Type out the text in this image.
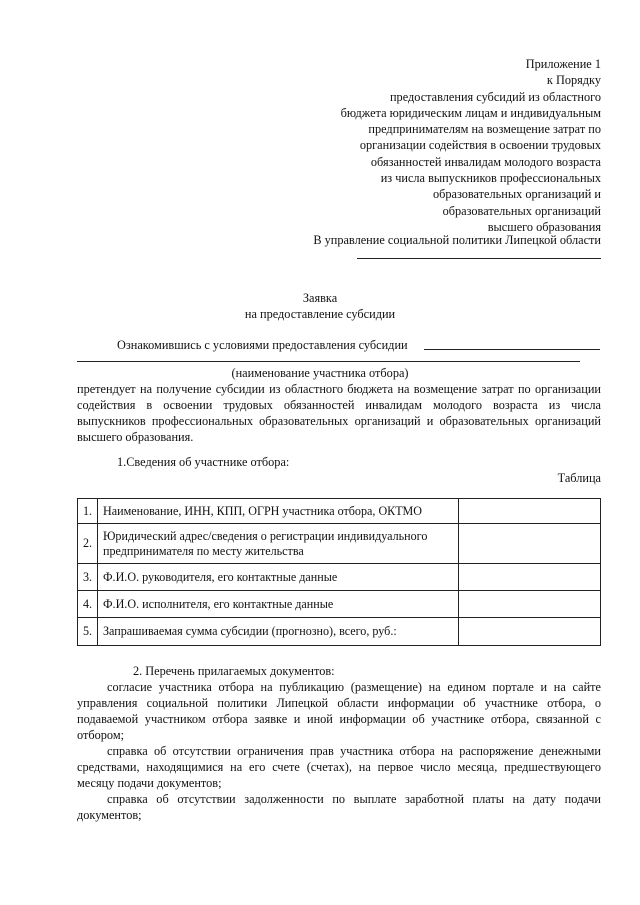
Приложение 1
к Порядку
предоставления субсидий из областного
бюджета юридическим лицам и индивидуальным
предпринимателям на возмещение затрат по
организации содействия в освоении трудовых
обязанностей инвалидам молодого возраста
из числа выпускников профессиональных
образовательных организаций и
образовательных организаций
высшего образования
В управление социальной политики Липецкой области
Заявка
на предоставление субсидии
Ознакомившись с условиями предоставления субсидии
(наименование участника отбора)
претендует на получение субсидии из областного бюджета на возмещение затрат по организации содействия в освоении трудовых обязанностей инвалидам молодого возраста из числа выпускников профессиональных образовательных организаций и образовательных организаций высшего образования.
1.Сведения об участнике отбора:
Таблица
1.	Наименование, ИНН, КПП, ОГРН участника отбора, ОКТМО	
2.	Юридический адрес/сведения о регистрации индивидуального предпринимателя по месту жительства	
3.	Ф.И.О. руководителя, его контактные данные	
4.	Ф.И.О. исполнителя, его контактные данные	
5.	Запрашиваемая сумма субсидии (прогнозно), всего, руб.:	
2. Перечень прилагаемых документов:

согласие участника отбора на публикацию (размещение) на едином портале и на сайте управления социальной политики Липецкой области информации об участнике отбора, о подаваемой участником отбора заявке и иной информации об участнике отбора, связанной с отбором;

справка об отсутствии ограничения прав участника отбора на распоряжение денежными средствами, находящимися на его счете (счетах), на первое число месяца, предшествующего месяцу подачи документов;

справка об отсутствии задолженности по выплате заработной платы на дату подачи документов;
